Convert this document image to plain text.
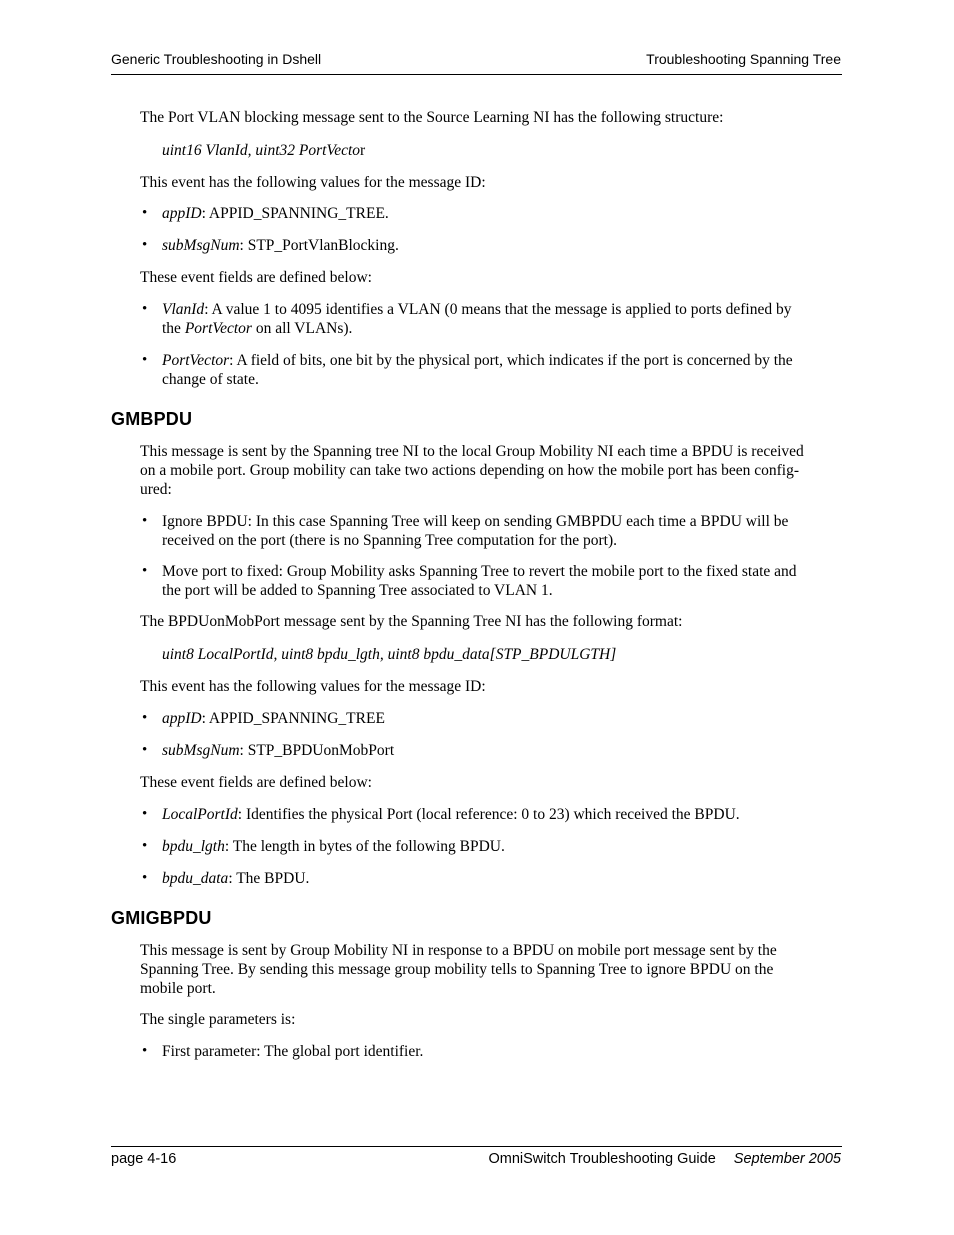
Generic Troubleshooting in Dshell	Troubleshooting Spanning Tree
The Port VLAN blocking message sent to the Source Learning NI has the following structure:
uint16 VlanId, uint32 PortVector
This event has the following values for the message ID:
• appID: APPID_SPANNING_TREE.
• subMsgNum: STP_PortVlanBlocking.
These event fields are defined below:
• VlanId: A value 1 to 4095 identifies a VLAN (0 means that the message is applied to ports defined by
the PortVector on all VLANs).
• PortVector: A field of bits, one bit by the physical port, which indicates if the port is concerned by the
change of state.
GMBPDU
This message is sent by the Spanning tree NI to the local Group Mobility NI each time a BPDU is received
on a mobile port. Group mobility can take two actions depending on how the mobile port has been config-
ured:
• Ignore BPDU: In this case Spanning Tree will keep on sending GMBPDU each time a BPDU will be
received on the port (there is no Spanning Tree computation for the port).
• Move port to fixed: Group Mobility asks Spanning Tree to revert the mobile port to the fixed state and
the port will be added to Spanning Tree associated to VLAN 1.
The BPDUonMobPort message sent by the Spanning Tree NI has the following format:
uint8 LocalPortId, uint8 bpdu_lgth, uint8 bpdu_data[STP_BPDULGTH]
This event has the following values for the message ID:
• appID: APPID_SPANNING_TREE
• subMsgNum: STP_BPDUonMobPort
These event fields are defined below:
• LocalPortId: Identifies the physical Port (local reference: 0 to 23) which received the BPDU.
• bpdu_lgth: The length in bytes of the following BPDU.
• bpdu_data: The BPDU.
GMIGBPDU
This message is sent by Group Mobility NI in response to a BPDU on mobile port message sent by the
Spanning Tree. By sending this message group mobility tells to Spanning Tree to ignore BPDU on the
mobile port.
The single parameters is:
• First parameter: The global port identifier.
page 4-16	OmniSwitch Troubleshooting Guide September 2005
